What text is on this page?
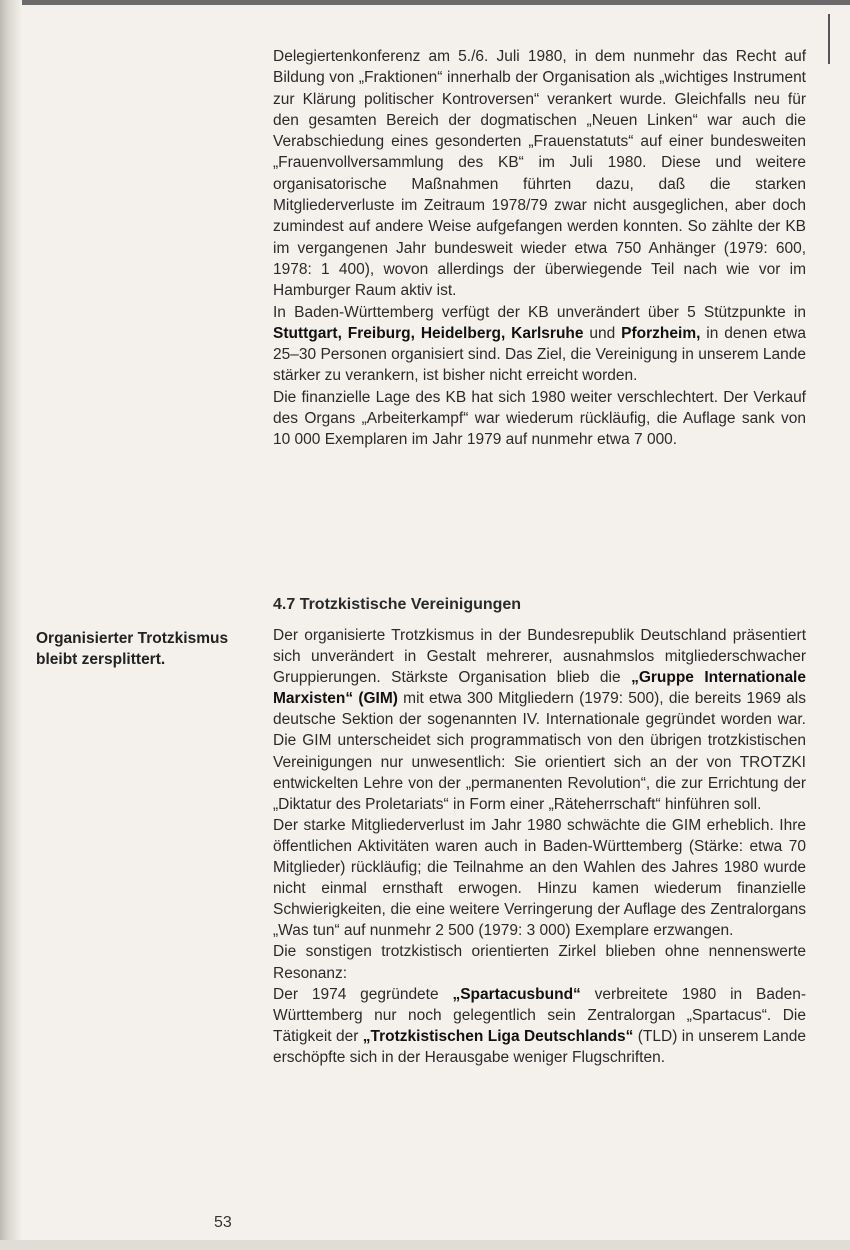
Delegiertenkonferenz am 5./6. Juli 1980, in dem nunmehr das Recht auf Bildung von „Fraktionen“ innerhalb der Organisation als „wichtiges Instrument zur Klärung politischer Kontroversen“ verankert wurde. Gleichfalls neu für den gesamten Bereich der dogmatischen „Neuen Linken“ war auch die Verabschiedung eines gesonderten „Frauenstatuts“ auf einer bundesweiten „Frauenvollversammlung des KB“ im Juli 1980. Diese und weitere organisatorische Maßnahmen führten dazu, daß die starken Mitgliederverluste im Zeitraum 1978/79 zwar nicht ausgeglichen, aber doch zumindest auf andere Weise aufgefangen werden konnten. So zählte der KB im vergangenen Jahr bundesweit wieder etwa 750 Anhänger (1979: 600, 1978: 1 400), wovon allerdings der überwiegende Teil nach wie vor im Hamburger Raum aktiv ist.

In Baden-Württemberg verfügt der KB unverändert über 5 Stützpunkte in Stuttgart, Freiburg, Heidelberg, Karlsruhe und Pforzheim, in denen etwa 25–30 Personen organisiert sind. Das Ziel, die Vereinigung in unserem Lande stärker zu verankern, ist bisher nicht erreicht worden.

Die finanzielle Lage des KB hat sich 1980 weiter verschlechtert. Der Verkauf des Organs „Arbeiterkampf“ war wiederum rückläufig, die Auflage sank von 10 000 Exemplaren im Jahr 1979 auf nunmehr etwa 7 000.

4.7 Trotzkistische Vereinigungen
Organisierter Trotzkismus bleibt zersplittert.

Der organisierte Trotzkismus in der Bundesrepublik Deutschland präsentiert sich unverändert in Gestalt mehrerer, ausnahmslos mitgliederschwacher Gruppierungen. Stärkste Organisation blieb die „Gruppe Internationale Marxisten“ (GIM) mit etwa 300 Mitgliedern (1979: 500), die bereits 1969 als deutsche Sektion der sogenannten IV. Internationale gegründet worden war. Die GIM unterscheidet sich programmatisch von den übrigen trotzkistischen Vereinigungen nur unwesentlich: Sie orientiert sich an der von TROTZKI entwickelten Lehre von der „permanenten Revolution“, die zur Errichtung der „Diktatur des Proletariats“ in Form einer „Räteherrschaft“ hinführen soll.

Der starke Mitgliederverlust im Jahr 1980 schwächte die GIM erheblich. Ihre öffentlichen Aktivitäten waren auch in Baden-Württemberg (Stärke: etwa 70 Mitglieder) rückläufig; die Teilnahme an den Wahlen des Jahres 1980 wurde nicht einmal ernsthaft erwogen. Hinzu kamen wiederum finanzielle Schwierigkeiten, die eine weitere Verringerung der Auflage des Zentralorgans „Was tun“ auf nunmehr 2 500 (1979: 3 000) Exemplare erzwangen.

Die sonstigen trotzkistisch orientierten Zirkel blieben ohne nennenswerte Resonanz:

Der 1974 gegründete „Spartacusbund“ verbreitete 1980 in Baden-Württemberg nur noch gelegentlich sein Zentralorgan „Spartacus“. Die Tätigkeit der „Trotzkistischen Liga Deutschlands“ (TLD) in unserem Lande erschöpfte sich in der Herausgabe weniger Flugschriften.

53
